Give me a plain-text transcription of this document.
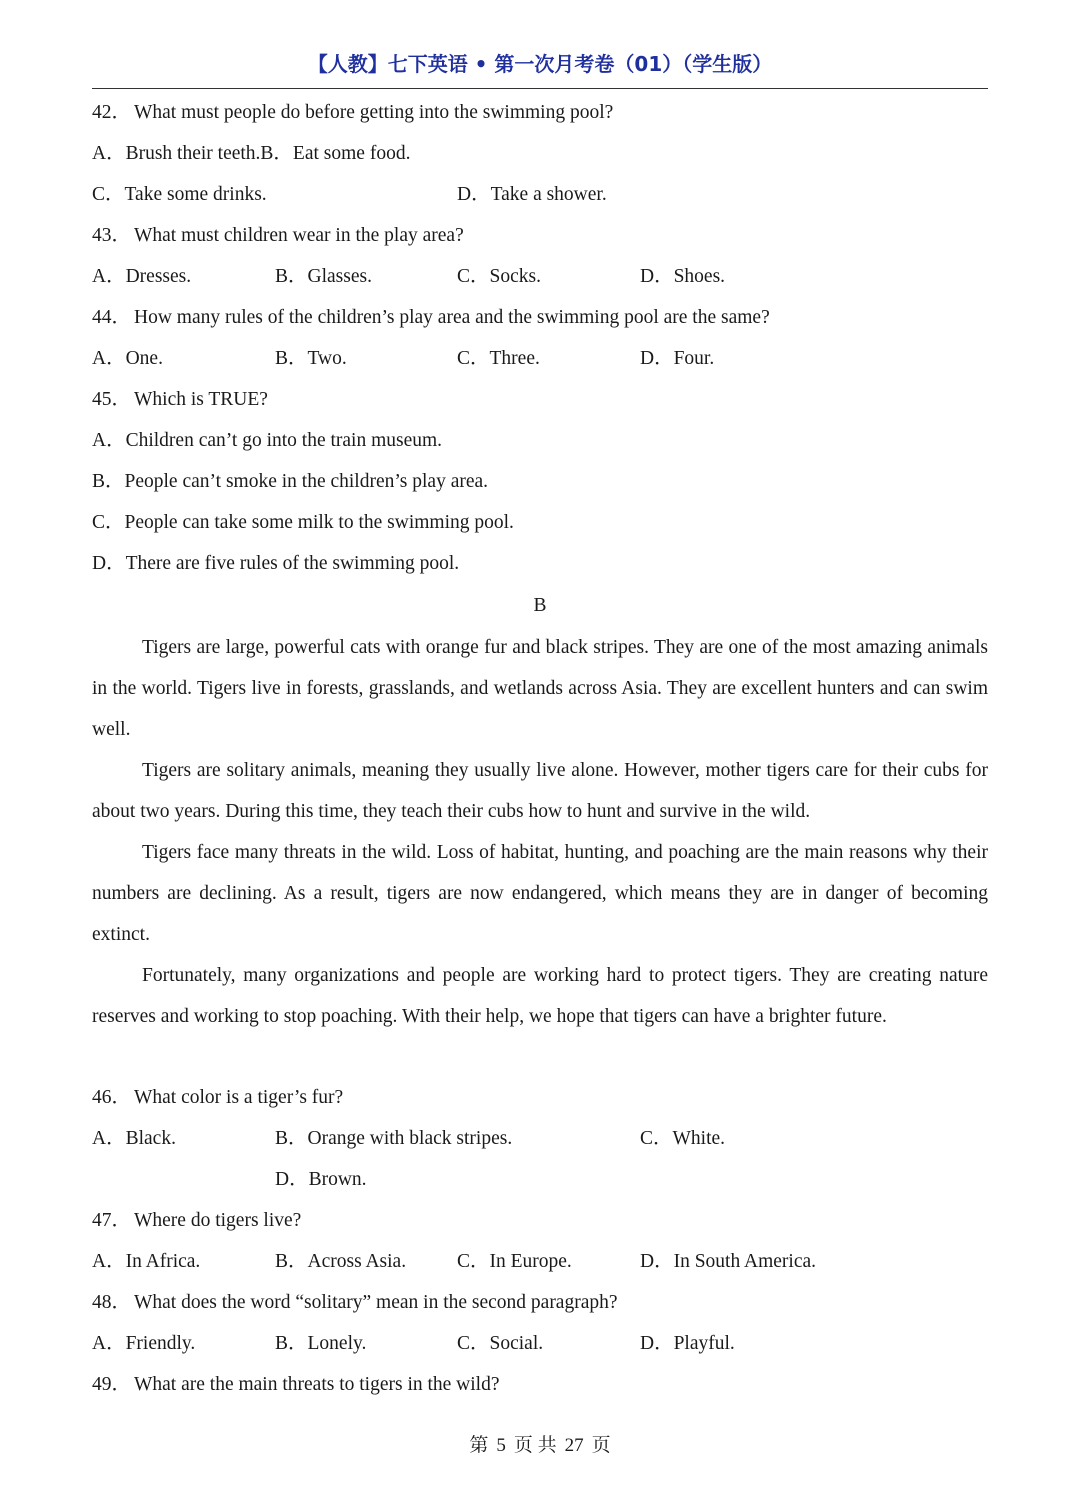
【人教】七下英语 • 第一次月考卷（01）（学生版）
42． What must people do before getting into the swimming pool?
A．Brush their teeth.B．Eat some food.
C．Take some drinks.	D．Take a shower.
43． What must children wear in the play area?
A．Dresses.	B．Glasses.	C．Socks.	D．Shoes.
44． How many rules of the children’s play area and the swimming pool are the same?
A．One.	B．Two.	C．Three.	D．Four.
45． Which is TRUE?
A．Children can’t go into the train museum.
B．People can’t smoke in the children’s play area.
C．People can take some milk to the swimming pool.
D．There are five rules of the swimming pool.
B

Tigers are large, powerful cats with orange fur and black stripes. They are one of the most amazing animals in the world. Tigers live in forests, grasslands, and wetlands across Asia. They are excellent hunters and can swim well.

Tigers are solitary animals, meaning they usually live alone. However, mother tigers care for their cubs for about two years. During this time, they teach their cubs how to hunt and survive in the wild.

Tigers face many threats in the wild. Loss of habitat, hunting, and poaching are the main reasons why their numbers are declining. As a result, tigers are now endangered, which means they are in danger of becoming extinct.

Fortunately, many organizations and people are working hard to protect tigers. They are creating nature reserves and working to stop poaching. With their help, we hope that tigers can have a brighter future.

46． What color is a tiger’s fur?
A．Black.	B．Orange with black stripes.	C．White.
D．Brown.
47． Where do tigers live?
A．In Africa.	B．Across Asia.	C．In Europe.	D．In South America.
48． What does the word “solitary” mean in the second paragraph?
A．Friendly.	B．Lonely.	C．Social.	D．Playful.
49． What are the main threats to tigers in the wild?
第 5 页 共 27 页
